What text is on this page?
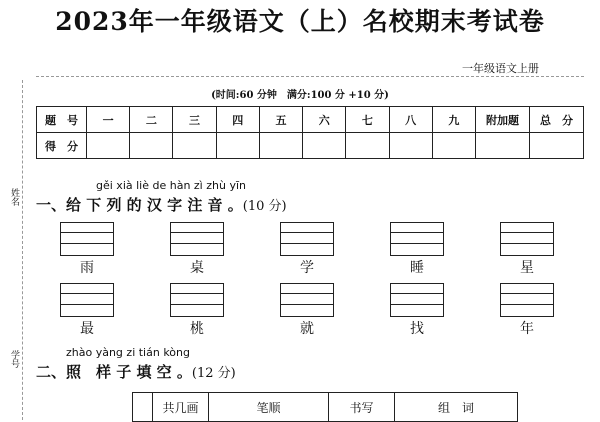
2023年一年级语文（上）名校期末考试卷
一年级语文上册
(时间:60 分钟　满分:100 分 +10 分)
姓名
学号
题　号	一	二	三	四	五	六	七	八	九	附加题	总　分
得　分											
gěi xià liè de hàn zì zhù yīn
一、给 下 列 的 汉 字 注 音 。(10 分)
雨	桌	学	睡	星
最	桃	就	找	年
zhào yàng zi tián kòng
二、照　样 子 填 空 。(12 分)
	共几画	笔顺	书写	组　词
